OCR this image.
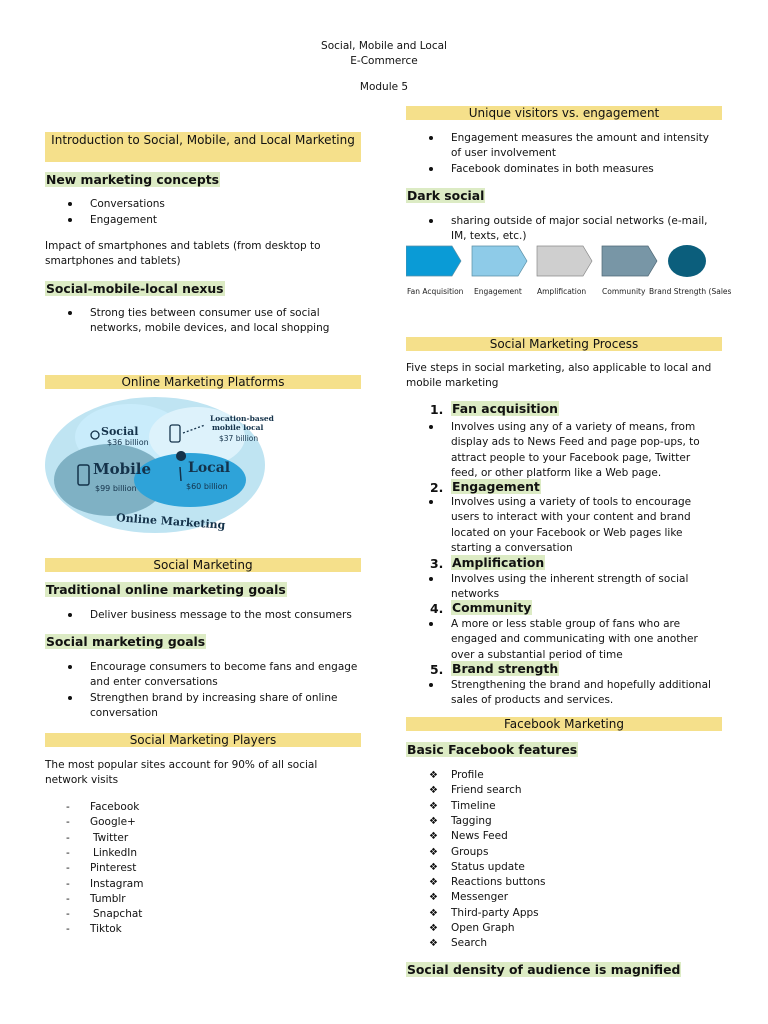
Social, Mobile and Local
E-Commerce
Module 5
Introduction to Social, Mobile, and Local Marketing
New marketing concepts
Conversations
Engagement
Impact of smartphones and tablets (from desktop to smartphones and tablets)
Social-mobile-local nexus
Strong ties between consumer use of social networks, mobile devices, and local shopping
Online Marketing Platforms
Social
$36 billion
Location-based
mobile local
$37 billion
Mobile
$99 billion
Local
$60 billion
Online Marketing
Social Marketing
Traditional online marketing goals
Deliver business message to the most consumers
Social marketing goals
Encourage consumers to become fans and engage and enter conversations
Strengthen brand by increasing share of online conversation
Social Marketing Players
The most popular sites account for 90% of all social network visits
- Facebook
- Google+
- Twitter
- LinkedIn
- Pinterest
- Instagram
- Tumblr
- Snapchat
- Tiktok
Unique visitors vs. engagement
Engagement measures the amount and intensity of user involvement
Facebook dominates in both measures
Dark social
sharing outside of major social networks (e-mail, IM, texts, etc.)
Fan Acquisition Engagement Amplification Community Brand Strength (Sales
Social Marketing Process
Five steps in social marketing, also applicable to local and mobile marketing
1. Fan acquisition
Involves using any of a variety of means, from display ads to News Feed and page pop-ups, to attract people to your Facebook page, Twitter feed, or other platform like a Web page.
2. Engagement
Involves using a variety of tools to encourage users to interact with your content and brand located on your Facebook or Web pages like starting a conversation
3. Amplification
Involves using the inherent strength of social networks
4. Community
A more or less stable group of fans who are engaged and communicating with one another over a substantial period of time
5. Brand strength
Strengthening the brand and hopefully additional sales of products and services.
Facebook Marketing
Basic Facebook features
❖ Profile
❖ Friend search
❖ Timeline
❖ Tagging
❖ News Feed
❖ Groups
❖ Status update
❖ Reactions buttons
❖ Messenger
❖ Third-party Apps
❖ Open Graph
❖ Search
Social density of audience is magnified
